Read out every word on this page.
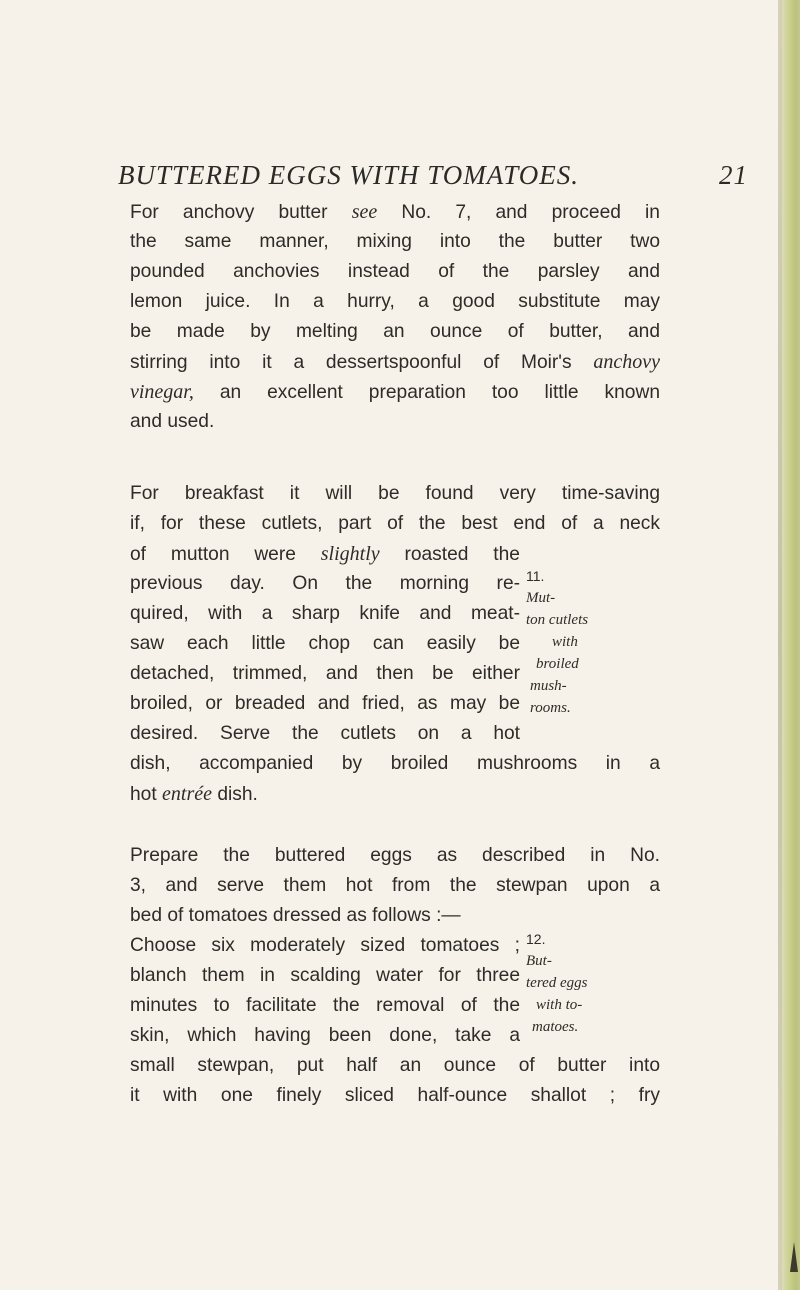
BUTTERED EGGS WITH TOMATOES.	21
For anchovy butter see No. 7, and proceed in
the same manner, mixing into the butter two
pounded anchovies instead of the parsley and
lemon juice. In a hurry, a good substitute may
be made by melting an ounce of butter, and
stirring into it a dessertspoonful of Moir's anchovy
vinegar, an excellent preparation too little known
and used.
For breakfast it will be found very time-saving
if, for these cutlets, part of the best end of a neck
of mutton were slightly roasted the
previous day. On the morning re-
quired, with a sharp knife and meat-
saw each little chop can easily be
detached, trimmed, and then be either
broiled, or breaded and fried, as may be
desired. Serve the cutlets on a hot
dish, accompanied by broiled mushrooms in a
hot entrée dish.
11.
Mut-
ton cutlets
with
broiled
mush-
rooms.
Prepare the buttered eggs as described in No.
3, and serve them hot from the stewpan upon a
bed of tomatoes dressed as follows :—
Choose six moderately sized tomatoes ;
blanch them in scalding water for three
minutes to facilitate the removal of the
skin, which having been done, take a
small stewpan, put half an ounce of butter into
it with one finely sliced half-ounce shallot ; fry
12.
But-
tered eggs
with to-
matoes.
